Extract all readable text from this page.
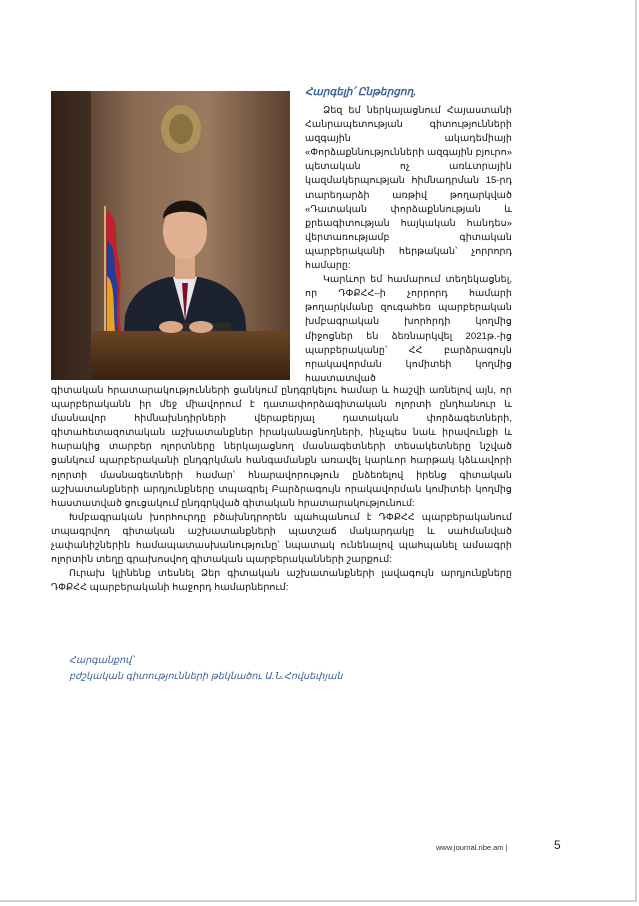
Հարգելի՛ Ընթերցող,

Ձեզ եմ ներկայացնում Հայաստանի Հանրապետության գիտությունների ազգային ակադեմիայի «Փորձաքննությունների ազգային բյուրո» պետական ոչ առևտրային կազմակերպության հիմնադրման 15-րդ տարեդարձի առթիվ թողարկված «Դատական փորձաքննության և քրեագիտության հայկական հանդես» վերտառությամբ գիտական պարբերականի հերթական՝ չորրորդ համարը:

Կարևոր եմ համարում տեղեկացնել, որ ԴՓՔՀՀ–ի չորրորդ համարի թողարկմանը զուգահեռ պարբերական խմբագրական խորհրդի կողմից միջոցներ են ձեռնարկվել 2021թ.-ից պարբերականը՝ ՀՀ բարձրագույն որակավորման կոմիտեի կողմից հաստատված

գիտական հրատարակությունների ցանկում ընդգրկելու համար և հաշվի առնելով այն, որ պարբերականն իր մեջ միավորում է դատափորձագիտական ոլորտի ընդհանուր և մասնավոր հիմնախնդիրների վերաբերյալ դատական փորձագետների, գիտահետազոտական աշխատանքներ իրականացնողների, ինչպես նաև իրավունքի և հարակից տարբեր ոլորտները ներկայացնող մասնագետների տեսակետները նշված ցանկում պարբերականի ընդգրկման հանգամանքն առավել կարևոր հարթակ կձևավորի ոլորտի մասնագետների համար՝ հնարավորություն ընձեռելով իրենց գիտական աշխատանքների արդյունքները տպագրել Բարձրագույն որակավորման կոմիտեի կողմից հաստատված ցուցակում ընդգրկված գիտական հրատարակությունում:

Խմբագրական խորհուրդը բծախնդրորեն պահպանում է ԴՓՔՀՀ պարբերականում տպագրվող գիտական աշխատանքների պատշաճ մակարդակը և սահմանված չափանիշներին համապատասխանությունը՝ նպատակ ունենալով պահպանել ամսագրի ոլորտին տեղը գրախոսվող գիտական պարբերականների շարքում:

Ուրախ կլինենք տեսնել Ձեր գիտական աշխատանքների լավագույն արդյունքները ԴՓՔՀՀ պարբերականի հաջորդ համարներում:

Հարգանքով՝
բժշկական գիտությունների թեկնածու Ա.Ն.Հովսեփյան
www.journal.nbe.am |	5
